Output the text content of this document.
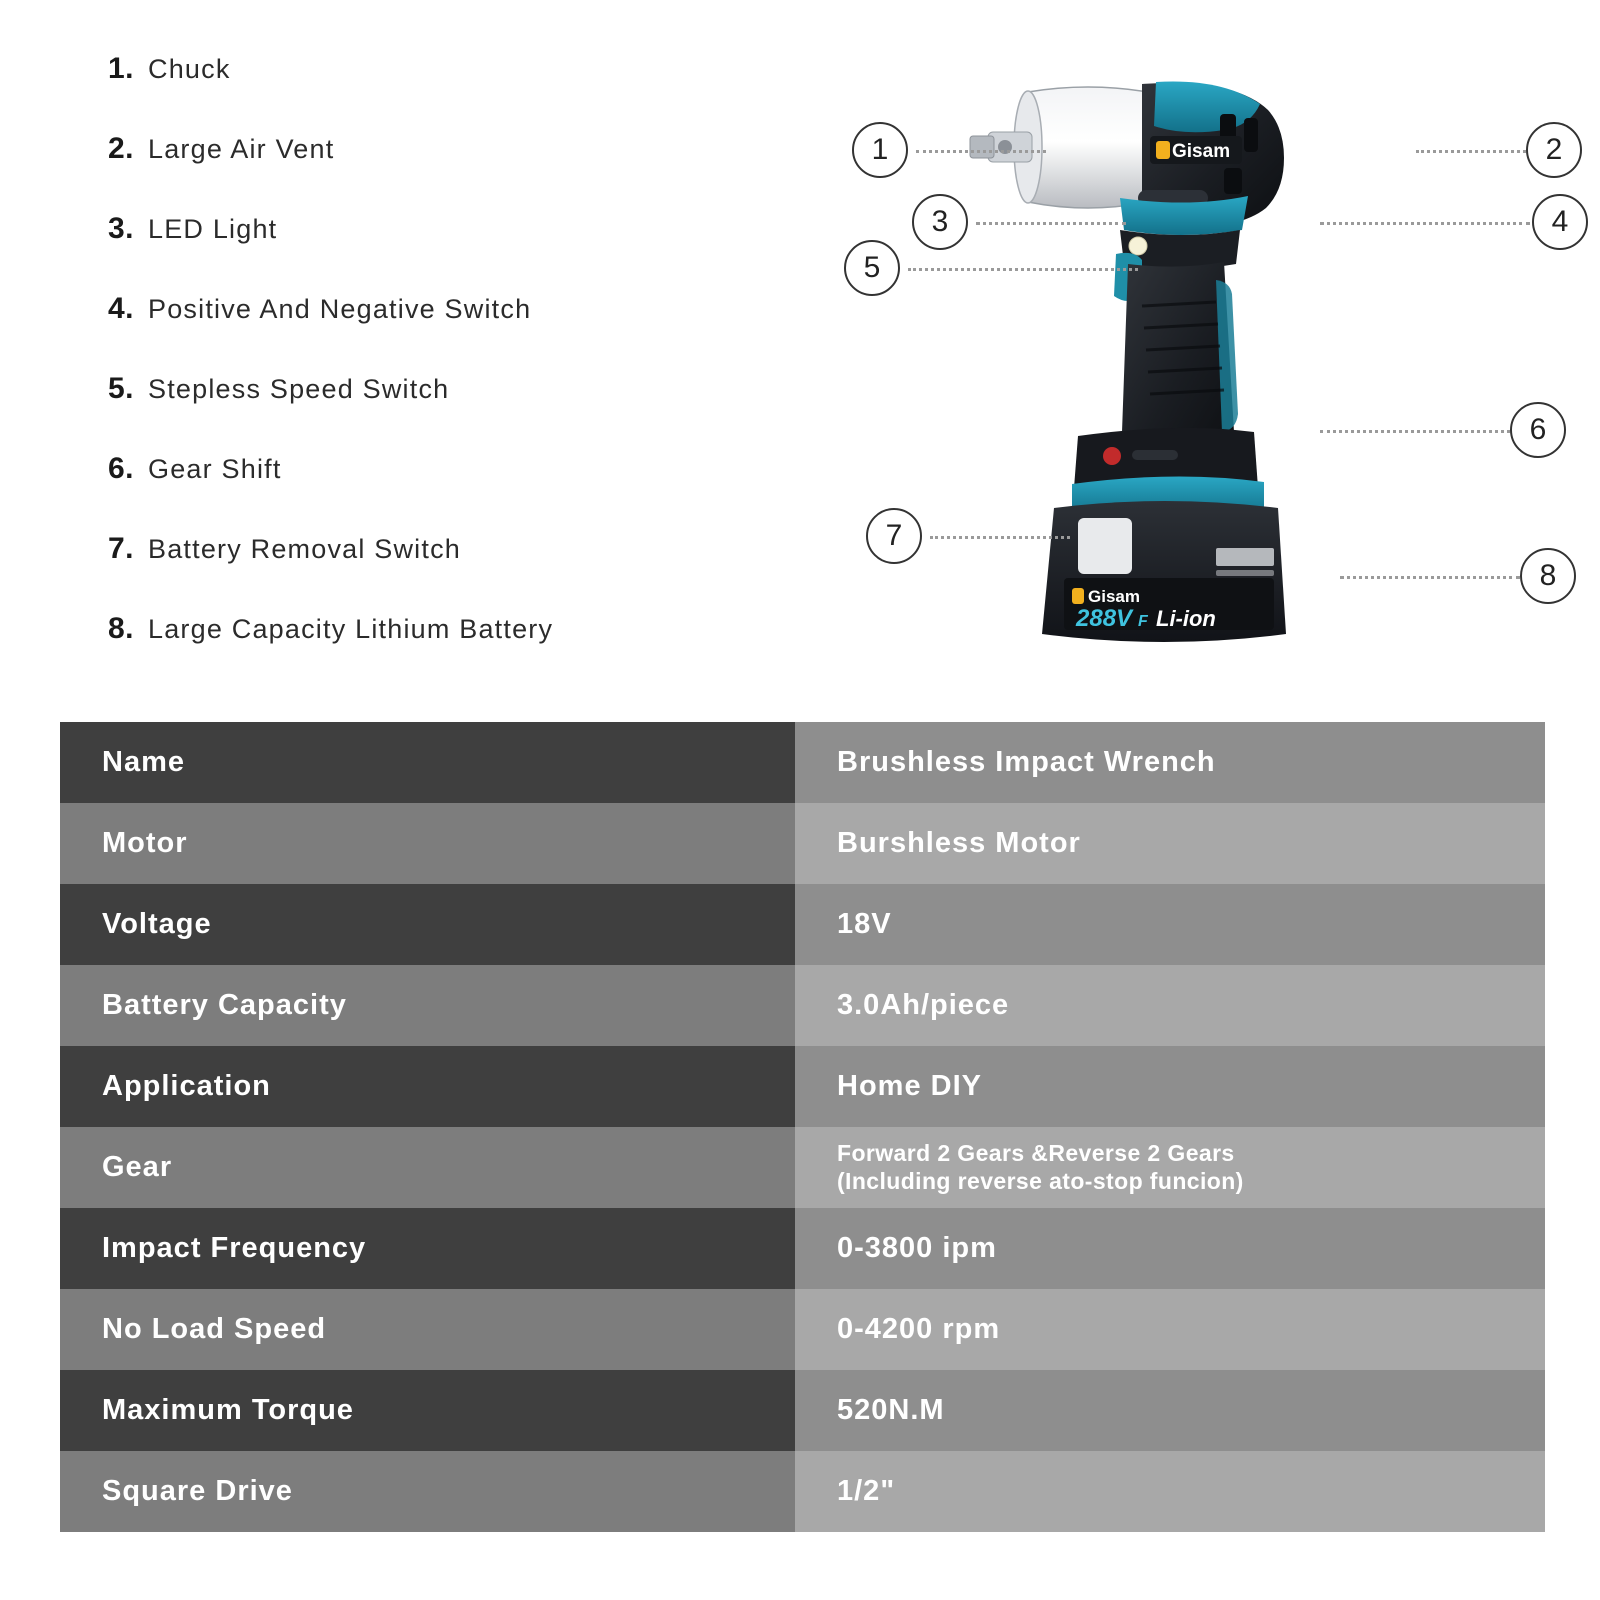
1. Chuck
2. Large Air Vent
3. LED Light
4. Positive And Negative Switch
5. Stepless Speed Switch
6. Gear Shift
7. Battery Removal Switch
8. Large Capacity Lithium Battery
Gisam
Gisam
288V F Li-ion
1	2
3	4
5
6
7
8
Name	Brushless Impact Wrench
Motor	Burshless Motor
Voltage	18V
Battery Capacity	3.0Ah/piece
Application	Home DIY
Gear	Forward 2 Gears &Reverse 2 Gears
(Including reverse ato-stop funcion)

Impact Frequency	0-3800 ipm
No Load Speed	0-4200 rpm
Maximum Torque	520N.M
Square Drive	1/2"
